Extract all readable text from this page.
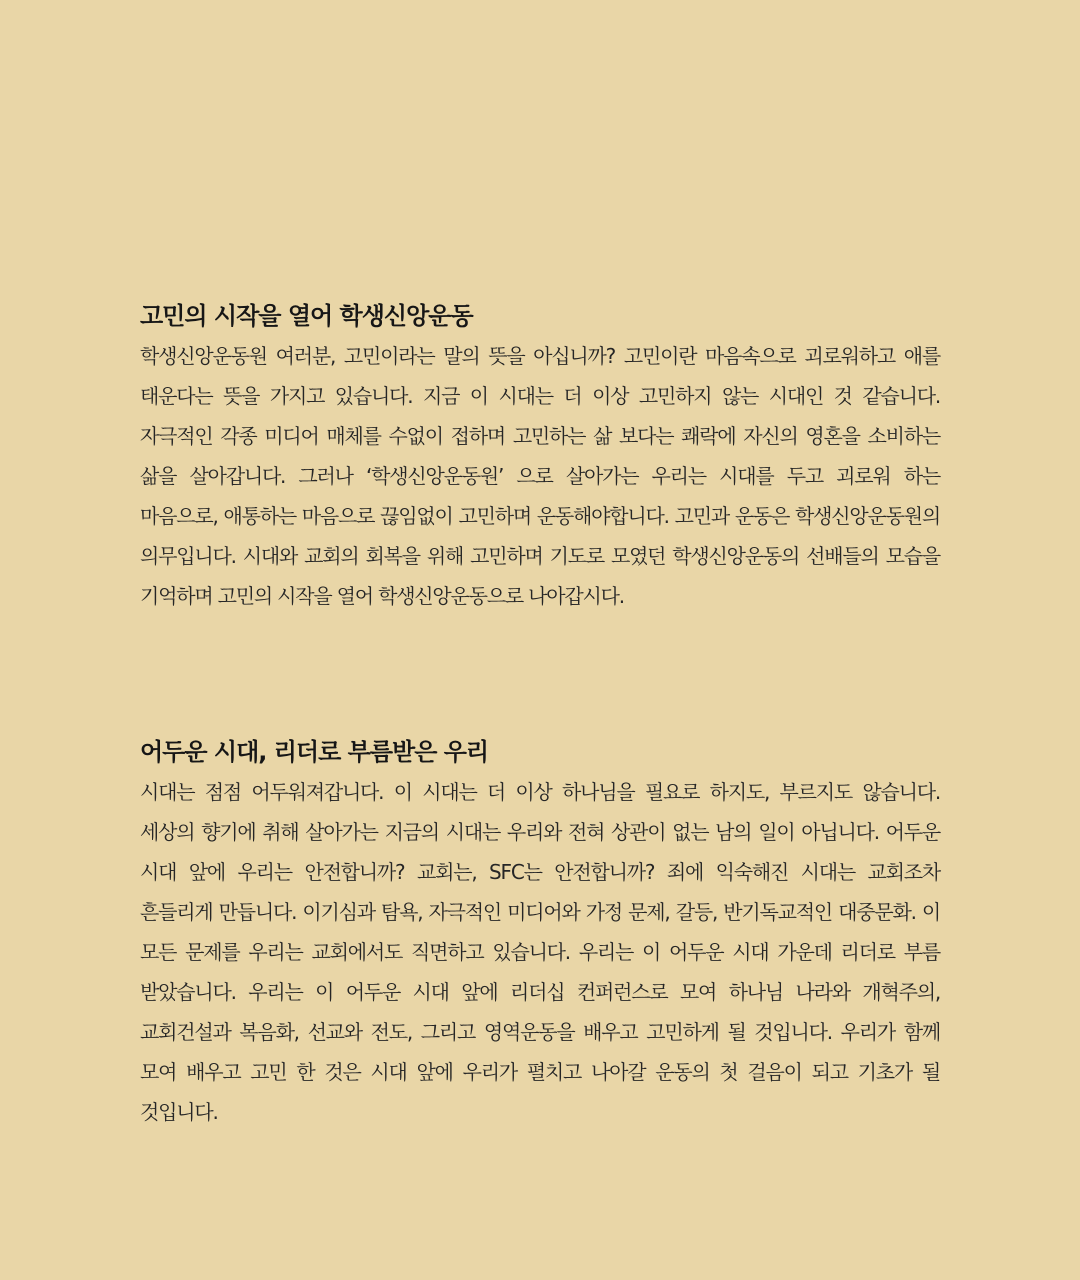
고민의 시작을 열어 학생신앙운동

학생신앙운동원 여러분, 고민이라는 말의 뜻을 아십니까? 고민이란 마음속으로 괴로워하고 애를 태운다는 뜻을 가지고 있습니다. 지금 이 시대는 더 이상 고민하지 않는 시대인 것 같습니다. 자극적인 각종 미디어 매체를 수없이 접하며 고민하는 삶 보다는 쾌락에 자신의 영혼을 소비하는 삶을 살아갑니다. 그러나 ‘학생신앙운동원’ 으로 살아가는 우리는 시대를 두고 괴로워 하는 마음으로, 애통하는 마음으로 끊임없이 고민하며 운동해야합니다. 고민과 운동은 학생신앙운동원의 의무입니다. 시대와 교회의 회복을 위해 고민하며 기도로 모였던 학생신앙운동의 선배들의 모습을 기억하며 고민의 시작을 열어 학생신앙운동으로 나아갑시다.

어두운 시대, 리더로 부름받은 우리

시대는 점점 어두워져갑니다. 이 시대는 더 이상 하나님을 필요로 하지도, 부르지도 않습니다. 세상의 향기에 취해 살아가는 지금의 시대는 우리와 전혀 상관이 없는 남의 일이 아닙니다. 어두운 시대 앞에 우리는 안전합니까? 교회는, SFC는 안전합니까? 죄에 익숙해진 시대는 교회조차 흔들리게 만듭니다. 이기심과 탐욕, 자극적인 미디어와 가정 문제, 갈등, 반기독교적인 대중문화. 이 모든 문제를 우리는 교회에서도 직면하고 있습니다. 우리는 이 어두운 시대 가운데 리더로 부름 받았습니다. 우리는 이 어두운 시대 앞에 리더십 컨퍼런스로 모여 하나님 나라와 개혁주의, 교회건설과 복음화, 선교와 전도, 그리고 영역운동을 배우고 고민하게 될 것입니다. 우리가 함께 모여 배우고 고민 한 것은 시대 앞에 우리가 펼치고 나아갈 운동의 첫 걸음이 되고 기초가 될 것입니다.
